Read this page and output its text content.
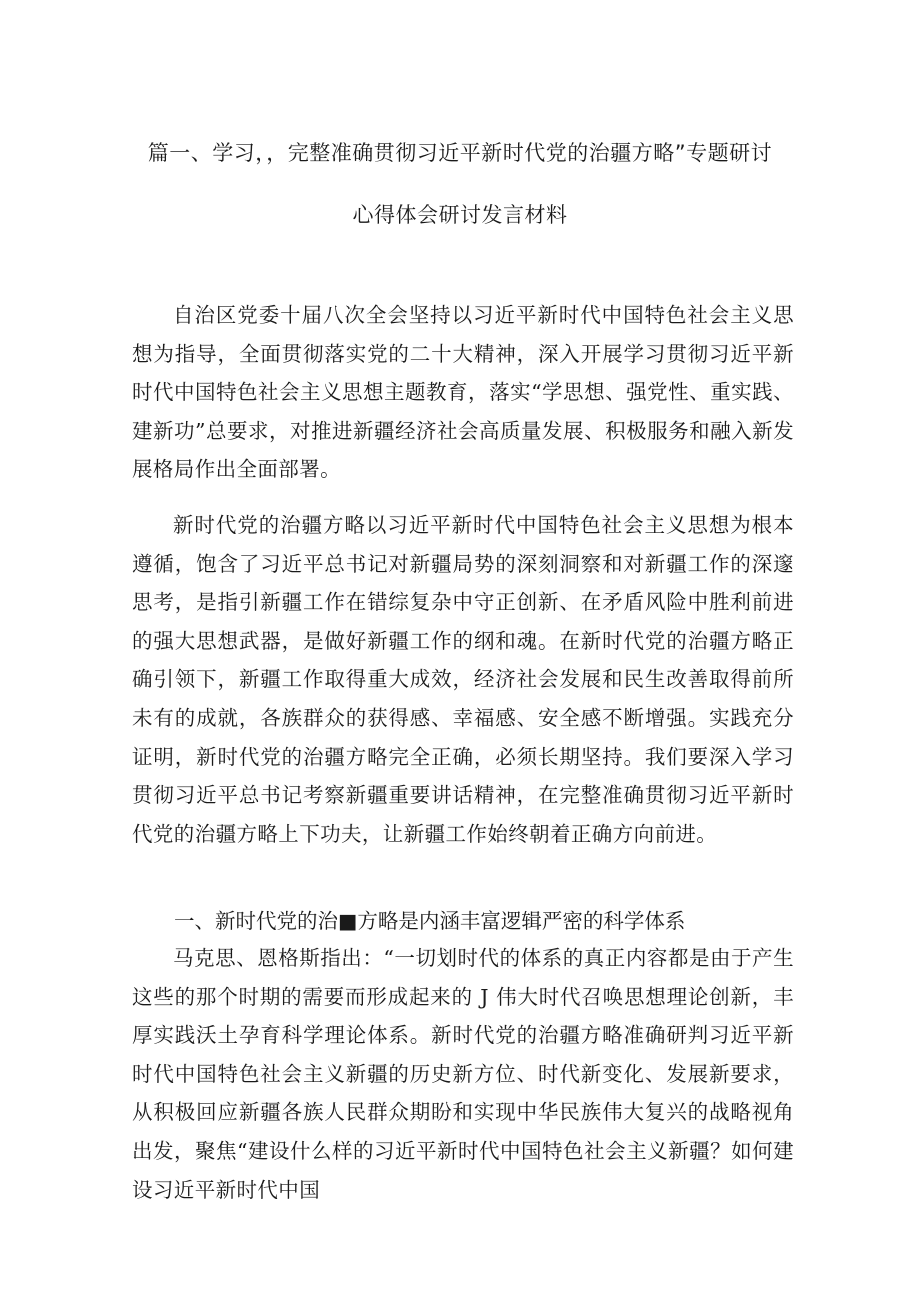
篇一、学习，，完整准确贯彻习近平新时代党的治疆方略”专题研讨
心得体会研讨发言材料
自治区党委十届八次全会坚持以习近平新时代中国特色社会主义思想为指导，全面贯彻落实党的二十大精神，深入开展学习贯彻习近平新时代中国特色社会主义思想主题教育，落实“学思想、强党性、重实践、建新功”总要求，对推进新疆经济社会高质量发展、积极服务和融入新发展格局作出全面部署。
新时代党的治疆方略以习近平新时代中国特色社会主义思想为根本遵循，饱含了习近平总书记对新疆局势的深刻洞察和对新疆工作的深邃思考，是指引新疆工作在错综复杂中守正创新、在矛盾风险中胜利前进的强大思想武器，是做好新疆工作的纲和魂。在新时代党的治疆方略正确引领下，新疆工作取得重大成效，经济社会发展和民生改善取得前所未有的成就，各族群众的获得感、幸福感、安全感不断增强。实践充分证明，新时代党的治疆方略完全正确，必须长期坚持。我们要深入学习贯彻习近平总书记考察新疆重要讲话精神，在完整准确贯彻习近平新时代党的治疆方略上下功夫，让新疆工作始终朝着正确方向前进。
一、新时代党的治■方略是内涵丰富逻辑严密的科学体系
马克思、恩格斯指出：“一切划时代的体系的真正内容都是由于产生这些的那个时期的需要而形成起来的 J 伟大时代召唤思想理论创新，丰厚实践沃土孕育科学理论体系。新时代党的治疆方略准确研判习近平新时代中国特色社会主义新疆的历史新方位、时代新变化、发展新要求，从积极回应新疆各族人民群众期盼和实现中华民族伟大复兴的战略视角出发，聚焦“建设什么样的习近平新时代中国特色社会主义新疆？如何建设习近平新时代中国
